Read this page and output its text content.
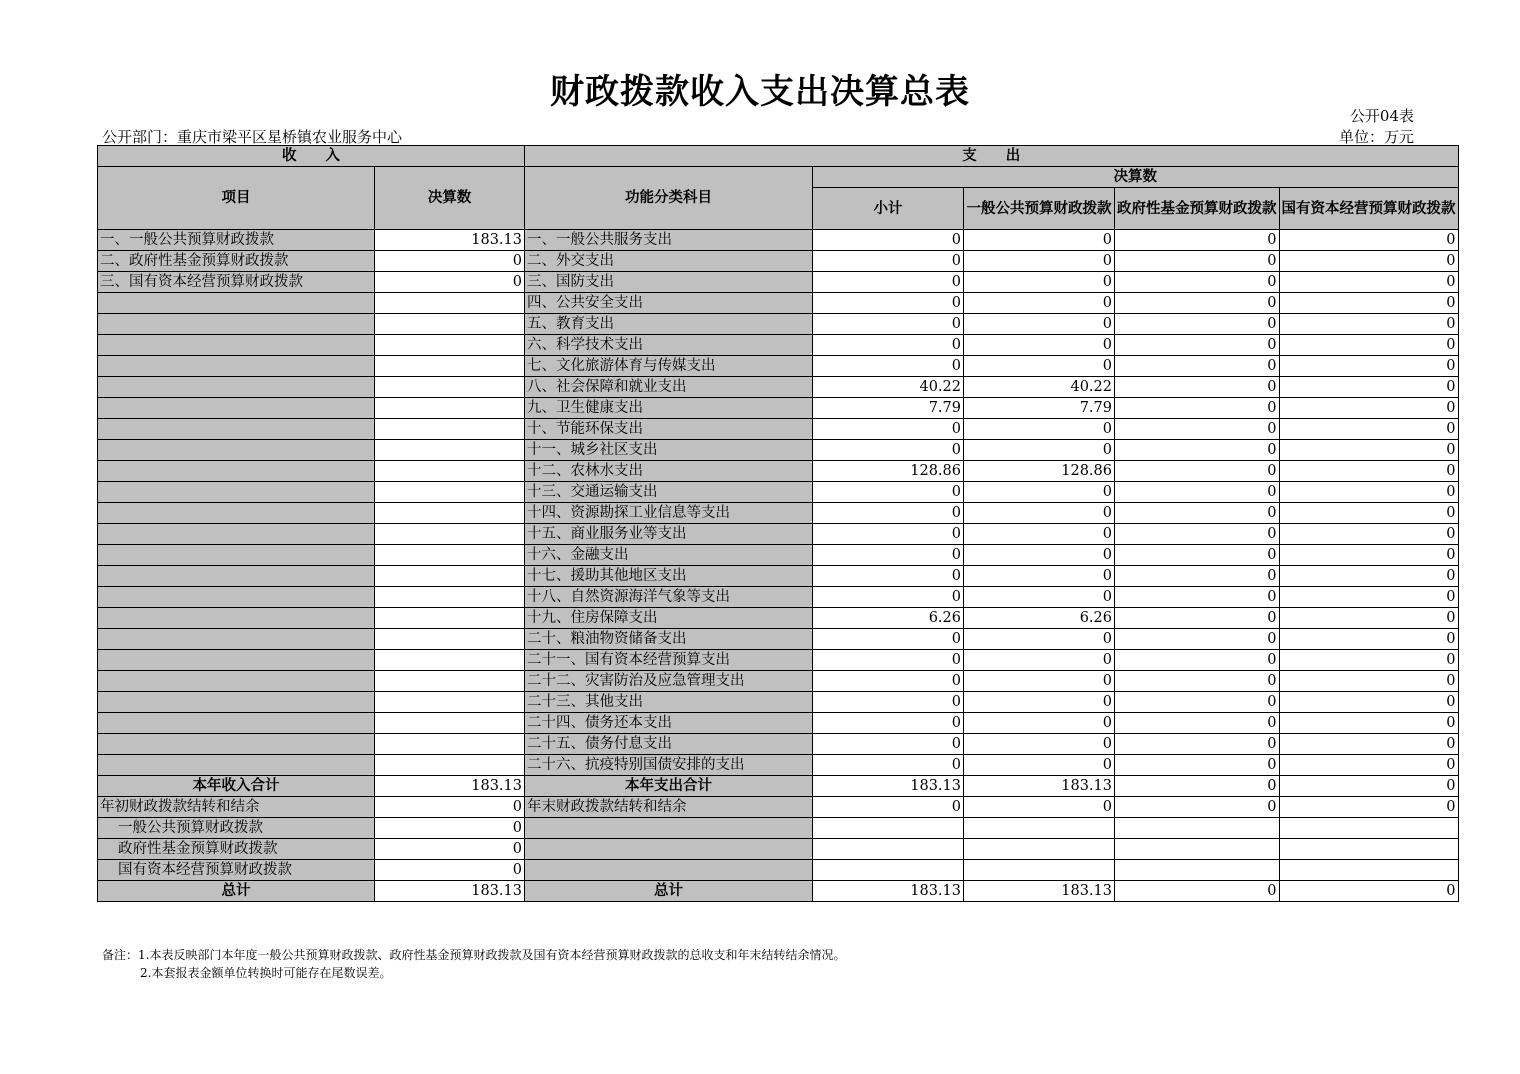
财政拨款收入支出决算总表
公开04表
公开部门：重庆市梁平区星桥镇农业服务中心	单位：万元
收　　入		支　　出				
项目	决算数	功能分类科目	决算数			
			小计	一般公共预算财政拨款	政府性基金预算财政拨款	国有资本经营预算财政拨款
一、一般公共预算财政拨款	183.13	一、一般公共服务支出	0	0	0	0
二、政府性基金预算财政拨款	0	二、外交支出	0	0	0	0
三、国有资本经营预算财政拨款	0	三、国防支出	0	0	0	0
		四、公共安全支出	0	0	0	0
		五、教育支出	0	0	0	0
		六、科学技术支出	0	0	0	0
		七、文化旅游体育与传媒支出	0	0	0	0
		八、社会保障和就业支出	40.22	40.22	0	0
		九、卫生健康支出	7.79	7.79	0	0
		十、节能环保支出	0	0	0	0
		十一、城乡社区支出	0	0	0	0
		十二、农林水支出	128.86	128.86	0	0
		十三、交通运输支出	0	0	0	0
		十四、资源勘探工业信息等支出	0	0	0	0
		十五、商业服务业等支出	0	0	0	0
		十六、金融支出	0	0	0	0
		十七、援助其他地区支出	0	0	0	0
		十八、自然资源海洋气象等支出	0	0	0	0
		十九、住房保障支出	6.26	6.26	0	0
		二十、粮油物资储备支出	0	0	0	0
		二十一、国有资本经营预算支出	0	0	0	0
		二十二、灾害防治及应急管理支出	0	0	0	0
		二十三、其他支出	0	0	0	0
		二十四、债务还本支出	0	0	0	0
		二十五、债务付息支出	0	0	0	0
		二十六、抗疫特别国债安排的支出	0	0	0	0
本年收入合计	183.13	本年支出合计	183.13	183.13	0	0
年初财政拨款结转和结余	0	年末财政拨款结转和结余	0	0	0	0
一般公共预算财政拨款	0					
政府性基金预算财政拨款	0					
国有资本经营预算财政拨款	0					
总计	183.13	总计	183.13	183.13	0	0
备注：1.本表反映部门本年度一般公共预算财政拨款、政府性基金预算财政拨款及国有资本经营预算财政拨款的总收支和年末结转结余情况。
2.本套报表金额单位转换时可能存在尾数误差。
